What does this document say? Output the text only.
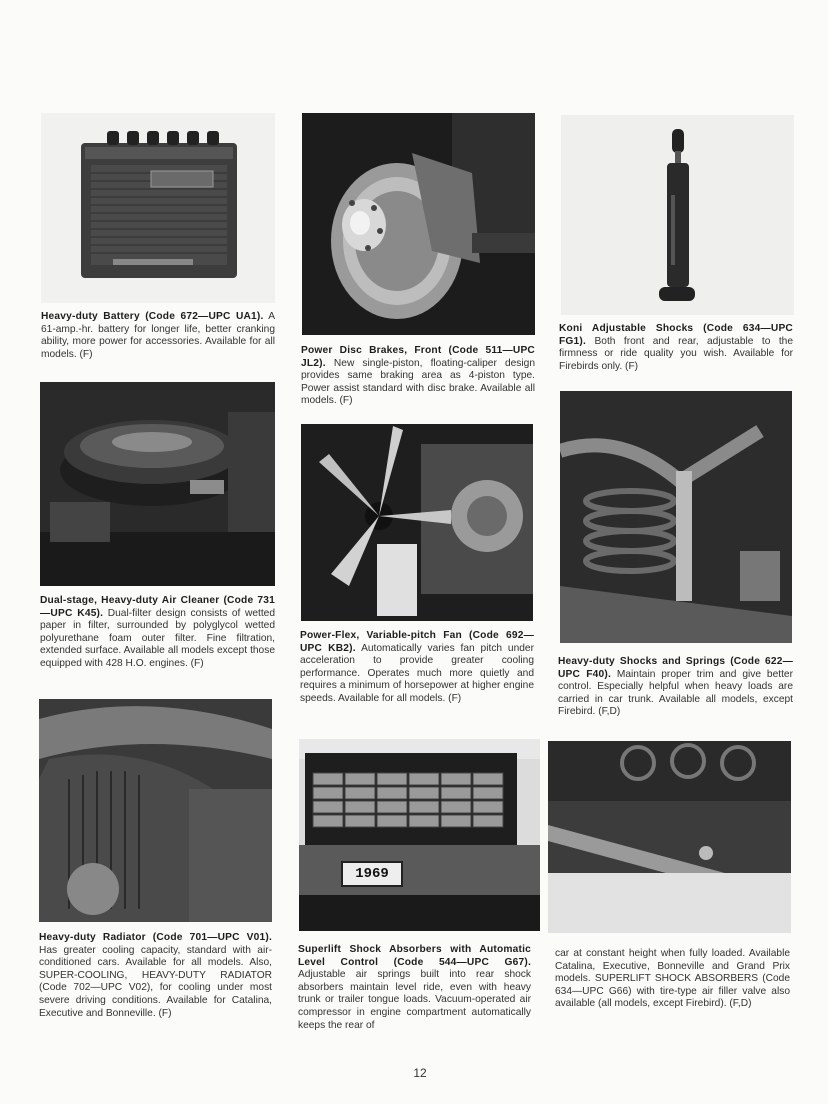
1969

Heavy-duty Battery (Code 672—UPC UA1). A 61-amp.-hr. battery for longer life, better cranking ability, more power for accessories. Available for all models. (F)	Power Disc Brakes, Front (Code 511—UPC JL2). New single-piston, floating-caliper design provides same braking area as 4-piston type. Power assist standard with disc brake. Available all models. (F)

Koni Adjustable Shocks (Code 634—UPC FG1). Both front and rear, adjustable to the firmness or ride quality you wish. Available for Firebirds only. (F)

Dual-stage, Heavy-duty Air Cleaner (Code 731—UPC K45). Dual-filter design consists of wetted paper in filter, surrounded by polyglycol wetted polyurethane foam outer filter. Fine filtration, extended surface. Available all models except those equipped with 428 H.O. engines. (F)

Power-Flex, Variable-pitch Fan (Code 692—UPC KB2). Automatically varies fan pitch under acceleration to provide greater cooling performance. Operates much more quietly and requires a minimum of horsepower at higher engine speeds. Available for all models. (F)

Heavy-duty Shocks and Springs (Code 622—UPC F40). Maintain proper trim and give better control. Especially helpful when heavy loads are carried in car trunk. Available all models, except Firebird. (F,D)

Heavy-duty Radiator (Code 701—UPC V01). Has greater cooling capacity, standard with air-conditioned cars. Available for all models. Also, SUPER-COOLING, HEAVY-DUTY RADIATOR (Code 702—UPC V02), for cooling under most severe driving conditions. Available for Catalina, Executive and Bonneville. (F)

Superlift Shock Absorbers with Automatic Level Control (Code 544—UPC G67). Adjustable air springs built into rear shock absorbers maintain level ride, even with heavy trunk or trailer tongue loads. Vacuum-operated air compressor in engine compartment automatically keeps the rear of

car at constant height when fully loaded. Available Catalina, Executive, Bonneville and Grand Prix models. SUPERLIFT SHOCK ABSORBERS (Code 634—UPC G66) with tire-type air filler valve also available (all models, except Firebird). (F,D)

12
